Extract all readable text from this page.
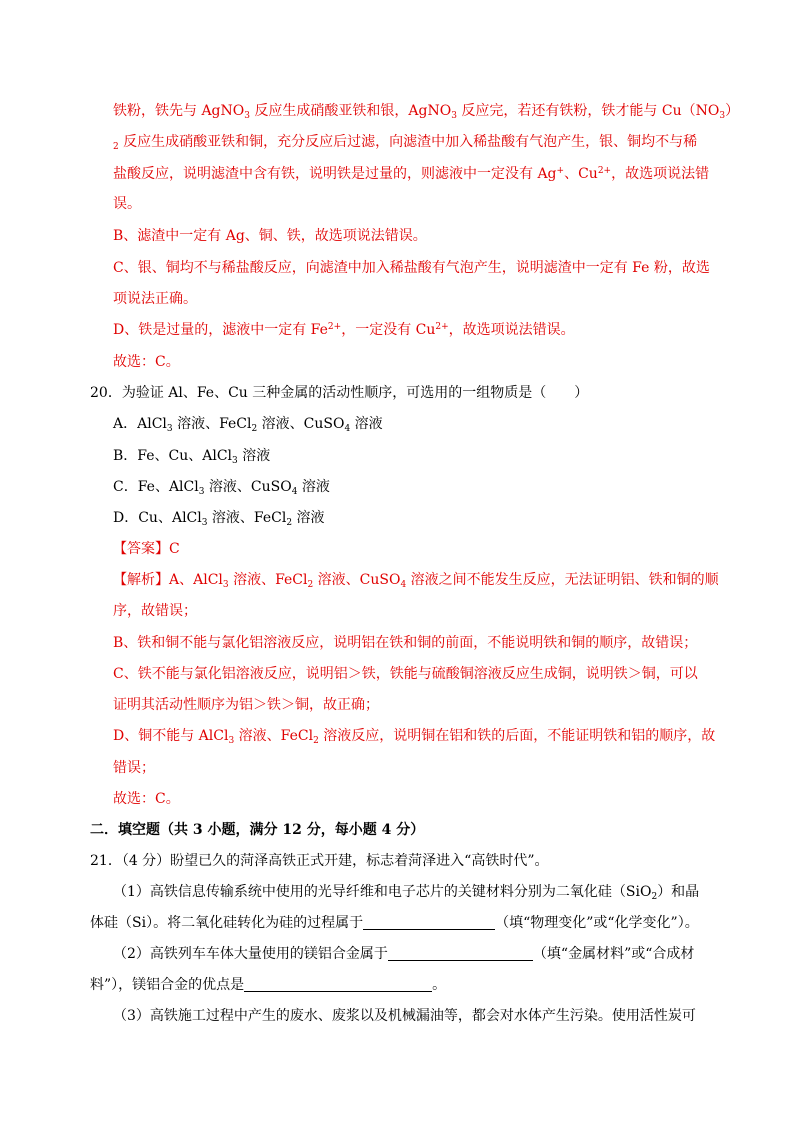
铁粉，铁先与 AgNO$_3$ 反应生成硝酸亚铁和银，AgNO$_3$ 反应完，若还有铁粉，铁才能与 $Cu(NO_3)$
$_2$ 反应生成硝酸亚铁和铜，充分反应后过滤，向滤渣中加入稀盐酸有气泡产生，银、铜均不与稀
盐酸反应，说明滤渣中含有铁，说明铁是过量的，则滤液中一定没有 Ag+、$Cu^{2+}$，故选项说法错
误。
B、滤渣中一定有 Ag、铜、铁，故选项说法错误。
C、银、铜均不与稀盐酸反应，向滤渣中加入稀盐酸有气泡产生，说明滤渣中一定有 Fe 粉，故选
项说法正确。
D、铁是过量的，滤液中一定有 $Fe^{2+}$，一定没有 $Cu^{2+}$，故选项说法错误。
故选：C。
20．为验证 Al、Fe、Cu 三种金属的活动性顺序，可选用的一组物质是（　　）
A．AlCl$_3$ 溶液、FeCl$_2$ 溶液、CuSO$_4$ 溶液
B．Fe、Cu、AlCl$_3$ 溶液
C．Fe、AlCl$_3$ 溶液、CuSO$_4$ 溶液
D．Cu、AlCl$_3$ 溶液、FeCl$_2$ 溶液
【答案】C
【解析】A、AlCl$_3$ 溶液、FeCl$_2$ 溶液、CuSO$_4$ 溶液之间不能发生反应，无法证明铝、铁和铜的顺
序，故错误；
B、铁和铜不能与氯化铝溶液反应，说明铝在铁和铜的前面，不能说明铁和铜的顺序，故错误；
C、铁不能与氯化铝溶液反应，说明铝＞铁，铁能与硫酸铜溶液反应生成铜，说明铁＞铜，可以
证明其活动性顺序为铝＞铁＞铜，故正确；
D、铜不能与 AlCl$_3$ 溶液、FeCl$_2$ 溶液反应，说明铜在铝和铁的后面，不能证明铁和铝的顺序，故
错误；
故选：C。
二．填空题（共 3 小题，满分 12 分，每小题 4 分）
21．（4 分）盼望已久的菏泽高铁正式开建，标志着菏泽进入“高铁时代”。
（1）高铁信息传输系统中使用的光导纤维和电子芯片的关键材料分别为二氧化硅（SiO$_2$）和晶
体硅（Si）。将二氧化硅转化为硅的过程属于	（填“物理变化”或“化学变化”）。
（2）高铁列车车体大量使用的镁铝合金属于	（填“金属材料”或“合成材
料”），镁铝合金的优点是	。
（3）高铁施工过程中产生的废水、废浆以及机械漏油等，都会对水体产生污染。使用活性炭可
